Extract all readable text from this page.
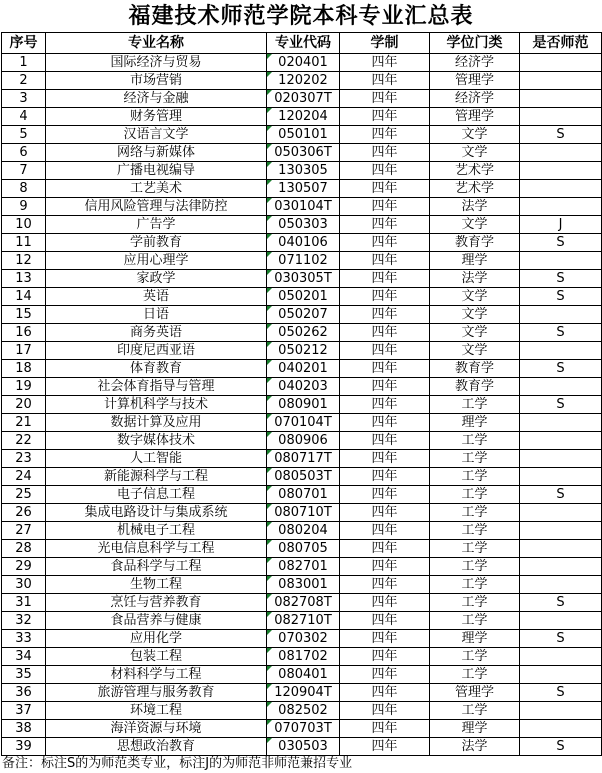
福建技术师范学院本科专业汇总表
序号	专业名称	专业代码	学制	学位门类	是否师范
1	国际经济与贸易	020401	四年	经济学	
2	市场营销	120202	四年	管理学	
3	经济与金融	020307T	四年	经济学	
4	财务管理	120204	四年	管理学	
5	汉语言文学	050101	四年	文学	S
6	网络与新媒体	050306T	四年	文学	
7	广播电视编导	130305	四年	艺术学	
8	工艺美术	130507	四年	艺术学	
9	信用风险管理与法律防控	030104T	四年	法学	
10	广告学	050303	四年	文学	J
11	学前教育	040106	四年	教育学	S
12	应用心理学	071102	四年	理学	
13	家政学	030305T	四年	法学	S
14	英语	050201	四年	文学	S
15	日语	050207	四年	文学	
16	商务英语	050262	四年	文学	S
17	印度尼西亚语	050212	四年	文学	
18	体育教育	040201	四年	教育学	S
19	社会体育指导与管理	040203	四年	教育学	
20	计算机科学与技术	080901	四年	工学	S
21	数据计算及应用	070104T	四年	理学	
22	数字媒体技术	080906	四年	工学	
23	人工智能	080717T	四年	工学	
24	新能源科学与工程	080503T	四年	工学	
25	电子信息工程	080701	四年	工学	S
26	集成电路设计与集成系统	080710T	四年	工学	
27	机械电子工程	080204	四年	工学	
28	光电信息科学与工程	080705	四年	工学	
29	食品科学与工程	082701	四年	工学	
30	生物工程	083001	四年	工学	
31	烹饪与营养教育	082708T	四年	工学	S
32	食品营养与健康	082710T	四年	工学	
33	应用化学	070302	四年	理学	S
34	包装工程	081702	四年	工学	
35	材料科学与工程	080401	四年	工学	
36	旅游管理与服务教育	120904T	四年	管理学	S
37	环境工程	082502	四年	工学	
38	海洋资源与环境	070703T	四年	理学	
39	思想政治教育	030503	四年	法学	S
备注：标注S的为师范类专业，标注J的为师范非师范兼招专业
